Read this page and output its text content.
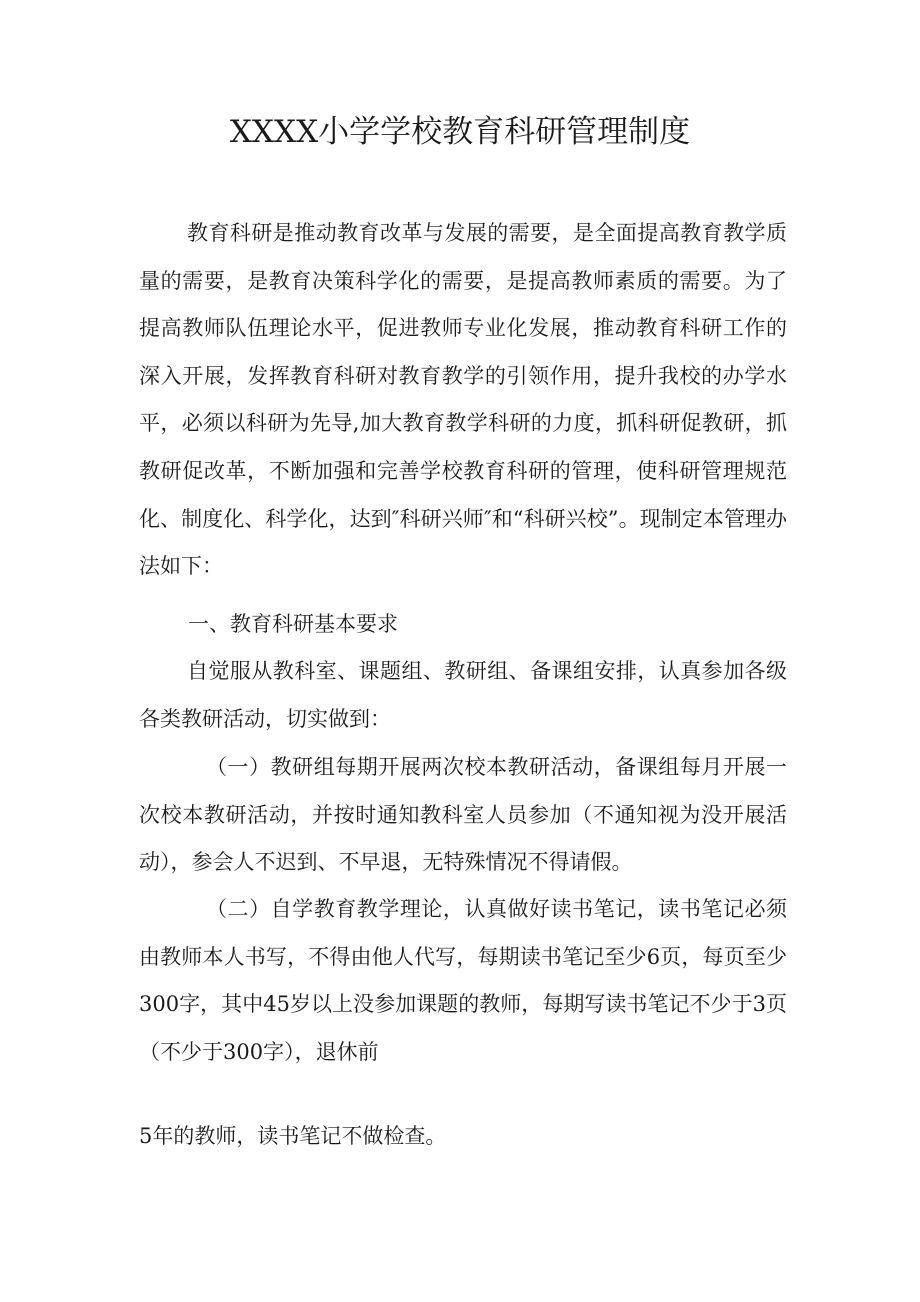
XXXX小学学校教育科研管理制度
教育科研是推动教育改革与发展的需要，是全面提高教育教学质量的需要，是教育决策科学化的需要，是提高教师素质的需要。为了提高教师队伍理论水平，促进教师专业化发展，推动教育科研工作的深入开展，发挥教育科研对教育教学的引领作用，提升我校的办学水平，必须以科研为先导,加大教育教学科研的力度，抓科研促教研，抓教研促改革，不断加强和完善学校教育科研的管理，使科研管理规范化、制度化、科学化，达到″科研兴师″和“科研兴校”。现制定本管理办法如下：
一、教育科研基本要求
自觉服从教科室、课题组、教研组、备课组安排，认真参加各级各类教研活动，切实做到：
（一）教研组每期开展两次校本教研活动，备课组每月开展一次校本教研活动，并按时通知教科室人员参加（不通知视为没开展活动），参会人不迟到、不早退，无特殊情况不得请假。
（二）自学教育教学理论，认真做好读书笔记，读书笔记必须由教师本人书写，不得由他人代写，每期读书笔记至少6页，每页至少300字，其中45岁以上没参加课题的教师，每期写读书笔记不少于3页（不少于300字），退休前
5年的教师，读书笔记不做检查。
